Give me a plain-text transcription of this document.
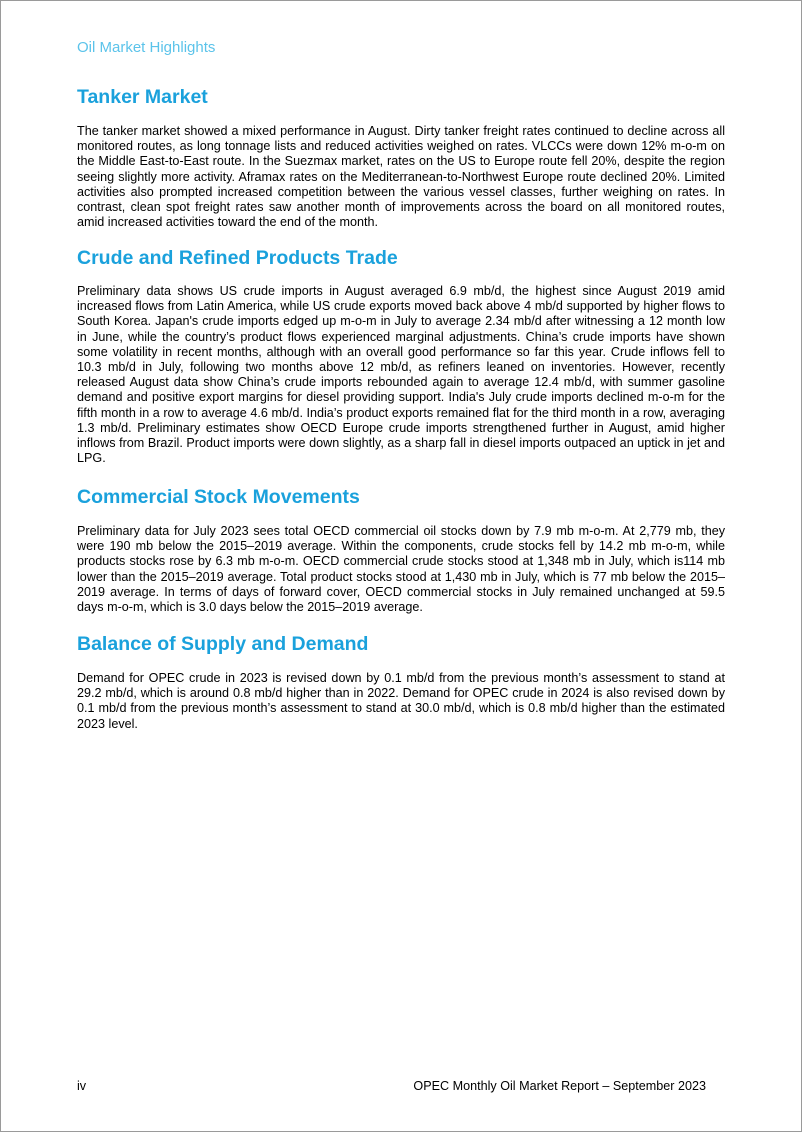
Oil Market Highlights
Tanker Market

The tanker market showed a mixed performance in August. Dirty tanker freight rates continued to decline across all monitored routes, as long tonnage lists and reduced activities weighed on rates. VLCCs were down 12% m-o-m on the Middle East-to-East route. In the Suezmax market, rates on the US to Europe route fell 20%, despite the region seeing slightly more activity. Aframax rates on the Mediterranean-to-Northwest Europe route declined 20%. Limited activities also prompted increased competition between the various vessel classes, further weighing on rates. In contrast, clean spot freight rates saw another month of improvements across the board on all monitored routes, amid increased activities toward the end of the month.

Crude and Refined Products Trade

Preliminary data shows US crude imports in August averaged 6.9 mb/d, the highest since August 2019 amid increased flows from Latin America, while US crude exports moved back above 4 mb/d supported by higher flows to South Korea. Japan's crude imports edged up m-o-m in July to average 2.34 mb/d after witnessing a 12 month low in June, while the country’s product flows experienced marginal adjustments. China’s crude imports have shown some volatility in recent months, although with an overall good performance so far this year. Crude inflows fell to 10.3 mb/d in July, following two months above 12 mb/d, as refiners leaned on inventories. However, recently released August data show China’s crude imports rebounded again to average 12.4 mb/d, with summer gasoline demand and positive export margins for diesel providing support. India's July crude imports declined m-o-m for the fifth month in a row to average 4.6 mb/d. India’s product exports remained flat for the third month in a row, averaging 1.3 mb/d. Preliminary estimates show OECD Europe crude imports strengthened further in August, amid higher inflows from Brazil. Product imports were down slightly, as a sharp fall in diesel imports outpaced an uptick in jet and LPG.

Commercial Stock Movements

Preliminary data for July 2023 sees total OECD commercial oil stocks down by 7.9 mb m-o-m. At 2,779 mb, they were 190 mb below the 2015–2019 average. Within the components, crude stocks fell by 14.2 mb m-o-m, while products stocks rose by 6.3 mb m-o-m. OECD commercial crude stocks stood at 1,348 mb in July, which is114 mb lower than the 2015–2019 average. Total product stocks stood at 1,430 mb in July, which is 77 mb below the 2015–2019 average. In terms of days of forward cover, OECD commercial stocks in July remained unchanged at 59.5 days m-o-m, which is 3.0 days below the 2015–2019 average.

Balance of Supply and Demand

Demand for OPEC crude in 2023 is revised down by 0.1 mb/d from the previous month’s assessment to stand at 29.2 mb/d, which is around 0.8 mb/d higher than in 2022. Demand for OPEC crude in 2024 is also revised down by 0.1 mb/d from the previous month’s assessment to stand at 30.0 mb/d, which is 0.8 mb/d higher than the estimated 2023 level.

iv	OPEC Monthly Oil Market Report – September 2023
